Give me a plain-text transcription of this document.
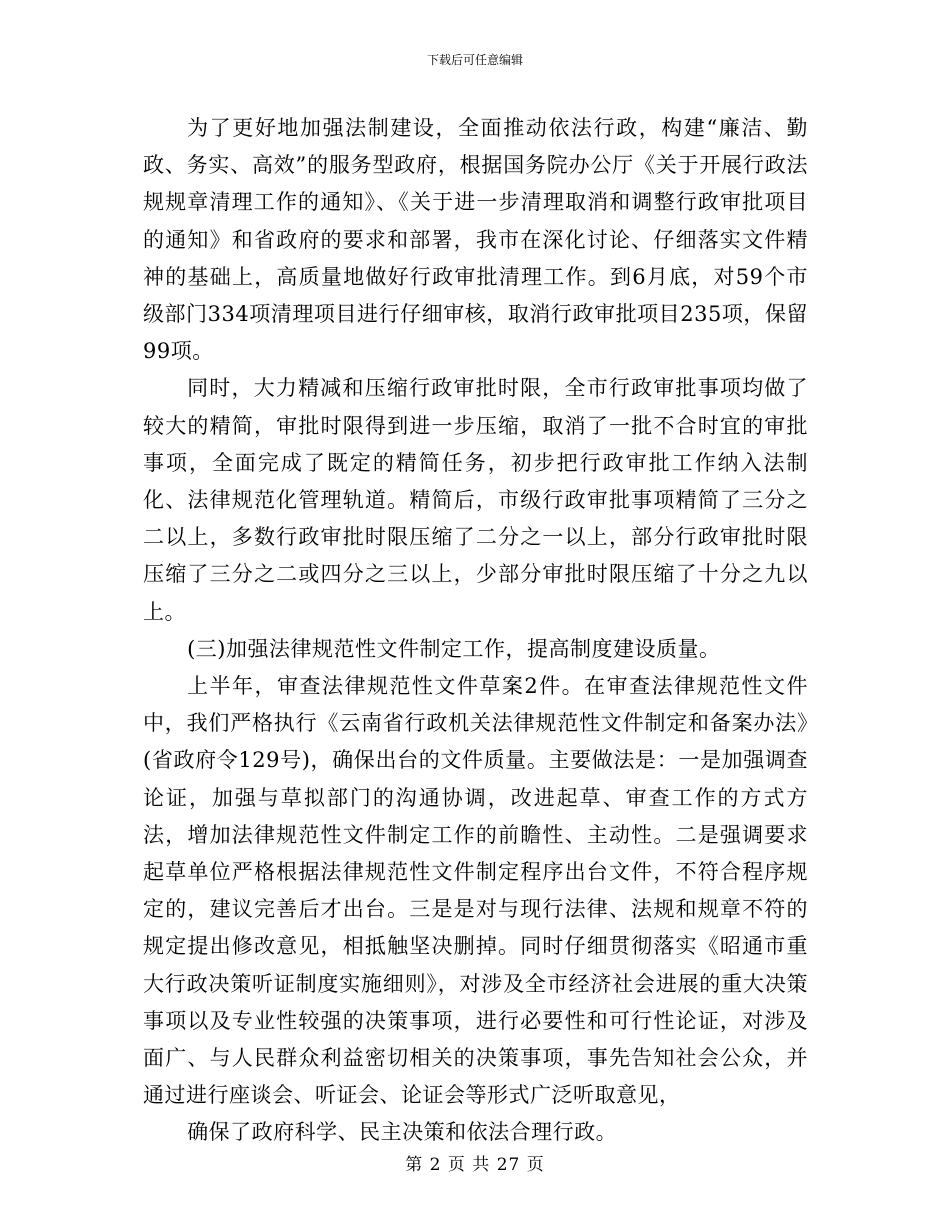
下载后可任意编辑

为了更好地加强法制建设，全面推动依法行政，构建“廉洁、勤政、务实、高效”的服务型政府，根据国务院办公厅《关于开展行政法规规章清理工作的通知》、《关于进一步清理取消和调整行政审批项目的通知》和省政府的要求和部署，我市在深化讨论、仔细落实文件精神的基础上，高质量地做好行政审批清理工作。到6月底，对59个市级部门334项清理项目进行仔细审核，取消行政审批项目235项，保留99项。

同时，大力精减和压缩行政审批时限，全市行政审批事项均做了较大的精简，审批时限得到进一步压缩，取消了一批不合时宜的审批事项，全面完成了既定的精简任务，初步把行政审批工作纳入法制化、法律规范化管理轨道。精简后，市级行政审批事项精简了三分之二以上，多数行政审批时限压缩了二分之一以上，部分行政审批时限压缩了三分之二或四分之三以上，少部分审批时限压缩了十分之九以上。

(三)加强法律规范性文件制定工作，提高制度建设质量。

上半年，审查法律规范性文件草案2件。在审查法律规范性文件中，我们严格执行《云南省行政机关法律规范性文件制定和备案办法》(省政府令129号)，确保出台的文件质量。主要做法是：一是加强调查论证，加强与草拟部门的沟通协调，改进起草、审查工作的方式方法，增加法律规范性文件制定工作的前瞻性、主动性。二是强调要求起草单位严格根据法律规范性文件制定程序出台文件，不符合程序规定的，建议完善后才出台。三是是对与现行法律、法规和规章不符的规定提出修改意见，相抵触坚决删掉。同时仔细贯彻落实《昭通市重大行政决策听证制度实施细则》，对涉及全市经济社会进展的重大决策事项以及专业性较强的决策事项，进行必要性和可行性论证，对涉及面广、与人民群众利益密切相关的决策事项，事先告知社会公众，并通过进行座谈会、听证会、论证会等形式广泛听取意见，

确保了政府科学、民主决策和依法合理行政。

第 2 页 共 27 页
